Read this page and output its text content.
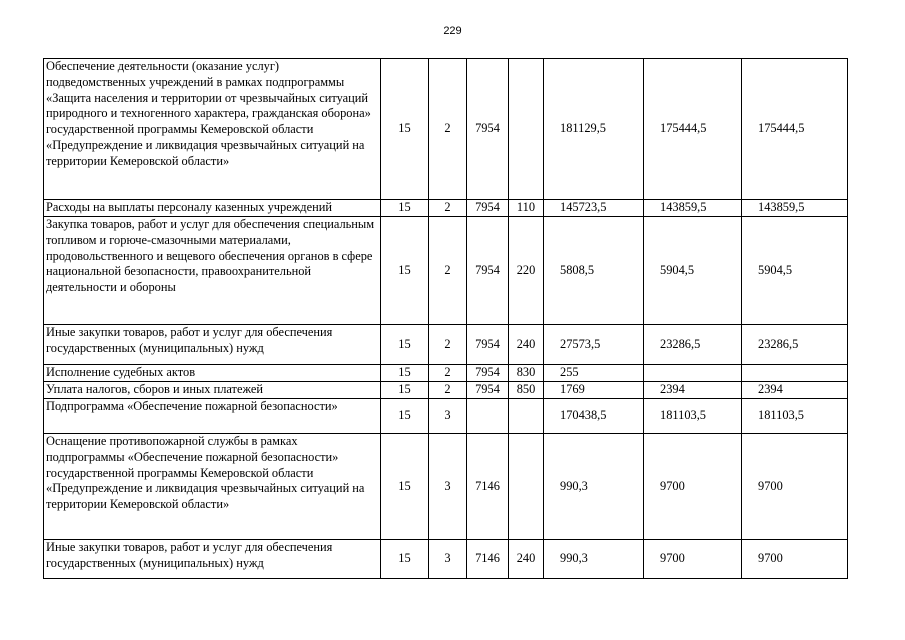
229
Обеспечение деятельности (оказание услуг) подведомственных учреждений в рамках подпрограммы «Защита населения и территории от чрезвычайных ситуаций природного и техногенного характера, гражданская оборона» государственной программы Кемеровской области «Предупреждение и ликвидация чрезвычайных ситуаций на территории Кемеровской области»	15	2	7954		181129,5	175444,5	175444,5
Расходы на выплаты персоналу казенных учреждений	15	2	7954	110	145723,5	143859,5	143859,5
Закупка товаров, работ и услуг для обеспечения специальным топливом и горюче-смазочными материалами, продовольственного и вещевого обеспечения органов в сфере национальной безопасности, правоохранительной деятельности и обороны	15	2	7954	220	5808,5	5904,5	5904,5
Иные закупки товаров, работ и услуг для обеспечения государственных (муниципальных) нужд	15	2	7954	240	27573,5	23286,5	23286,5
Исполнение судебных актов	15	2	7954	830	255		
Уплата налогов, сборов и иных платежей	15	2	7954	850	1769	2394	2394
Подпрограмма «Обеспечение пожарной безопасности»	15	3			170438,5	181103,5	181103,5
Оснащение противопожарной службы в рамках подпрограммы «Обеспечение пожарной безопасности» государственной программы Кемеровской области «Предупреждение и ликвидация чрезвычайных ситуаций на территории Кемеровской области»	15	3	7146		990,3	9700	9700
Иные закупки товаров, работ и услуг для обеспечения государственных (муниципальных) нужд	15	3	7146	240	990,3	9700	9700
